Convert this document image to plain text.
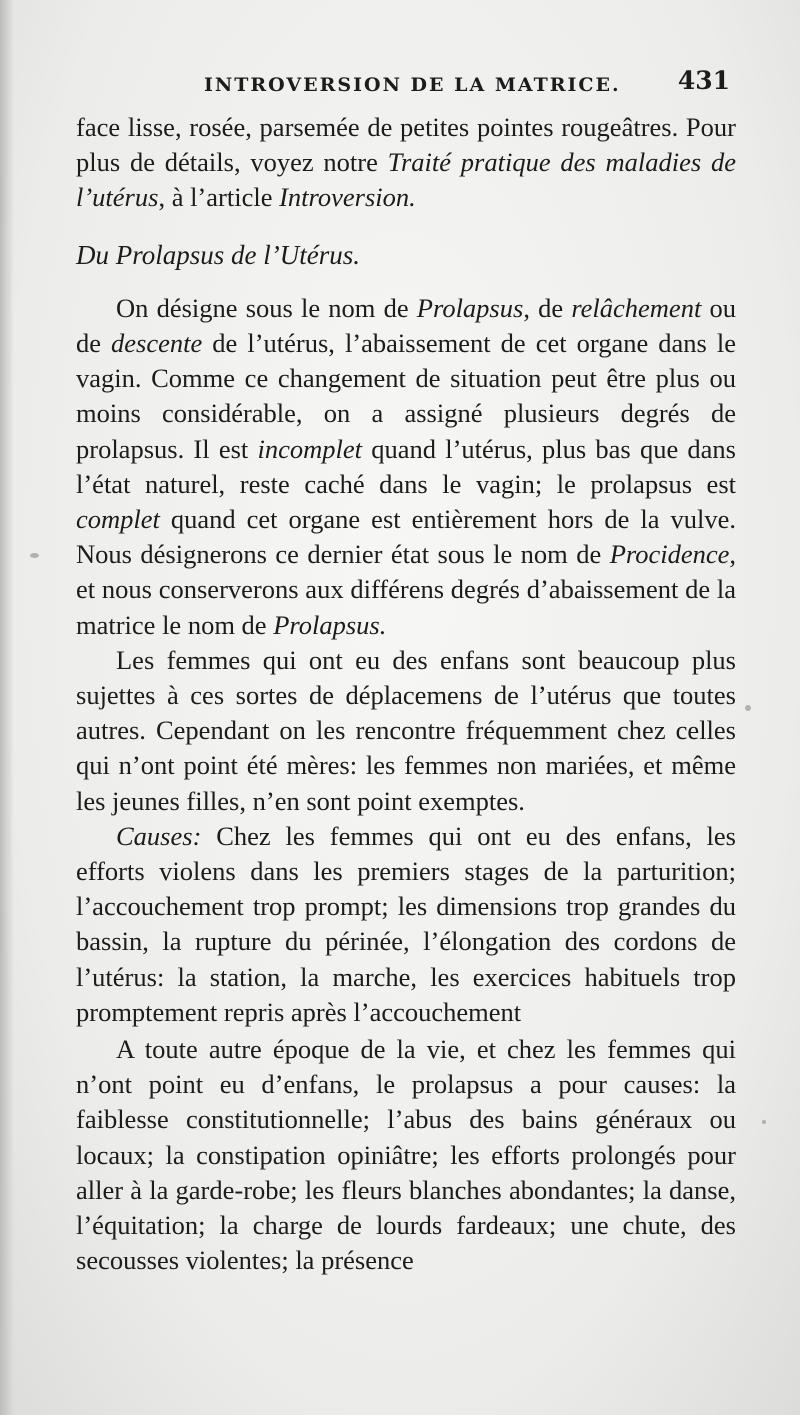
INTROVERSION DE LA MATRICE. 431

face lisse, rosée, parsemée de petites pointes rougeâtres. Pour plus de détails, voyez notre Traité pratique des maladies de l’utérus, à l’article Introversion.

Du Prolapsus de l’Utérus.

On désigne sous le nom de Prolapsus, de relâchement ou de descente de l’utérus, l’abaissement de cet organe dans le vagin. Comme ce changement de situation peut être plus ou moins considérable, on a assigné plusieurs degrés de prolapsus. Il est incomplet quand l’utérus, plus bas que dans l’état naturel, reste caché dans le vagin; le prolapsus est complet quand cet organe est entièrement hors de la vulve. Nous désignerons ce dernier état sous le nom de Procidence, et nous conserverons aux différens degrés d’abaissement de la matrice le nom de Prolapsus.

Les femmes qui ont eu des enfans sont beaucoup plus sujettes à ces sortes de déplacemens de l’utérus que toutes autres. Cependant on les rencontre fréquemment chez celles qui n’ont point été mères: les femmes non mariées, et même les jeunes filles, n’en sont point exemptes.

Causes: Chez les femmes qui ont eu des enfans, les efforts violens dans les premiers stages de la parturition; l’accouchement trop prompt; les dimensions trop grandes du bassin, la rupture du périnée, l’élongation des cordons de l’utérus: la station, la marche, les exercices habituels trop promptement repris après l’accouchement

A toute autre époque de la vie, et chez les femmes qui n’ont point eu d’enfans, le prolapsus a pour causes: la faiblesse constitutionnelle; l’abus des bains généraux ou locaux; la constipation opiniâtre; les efforts prolongés pour aller à la garde-robe; les fleurs blanches abondantes; la danse, l’équitation; la charge de lourds fardeaux; une chute, des secousses violentes; la présence
